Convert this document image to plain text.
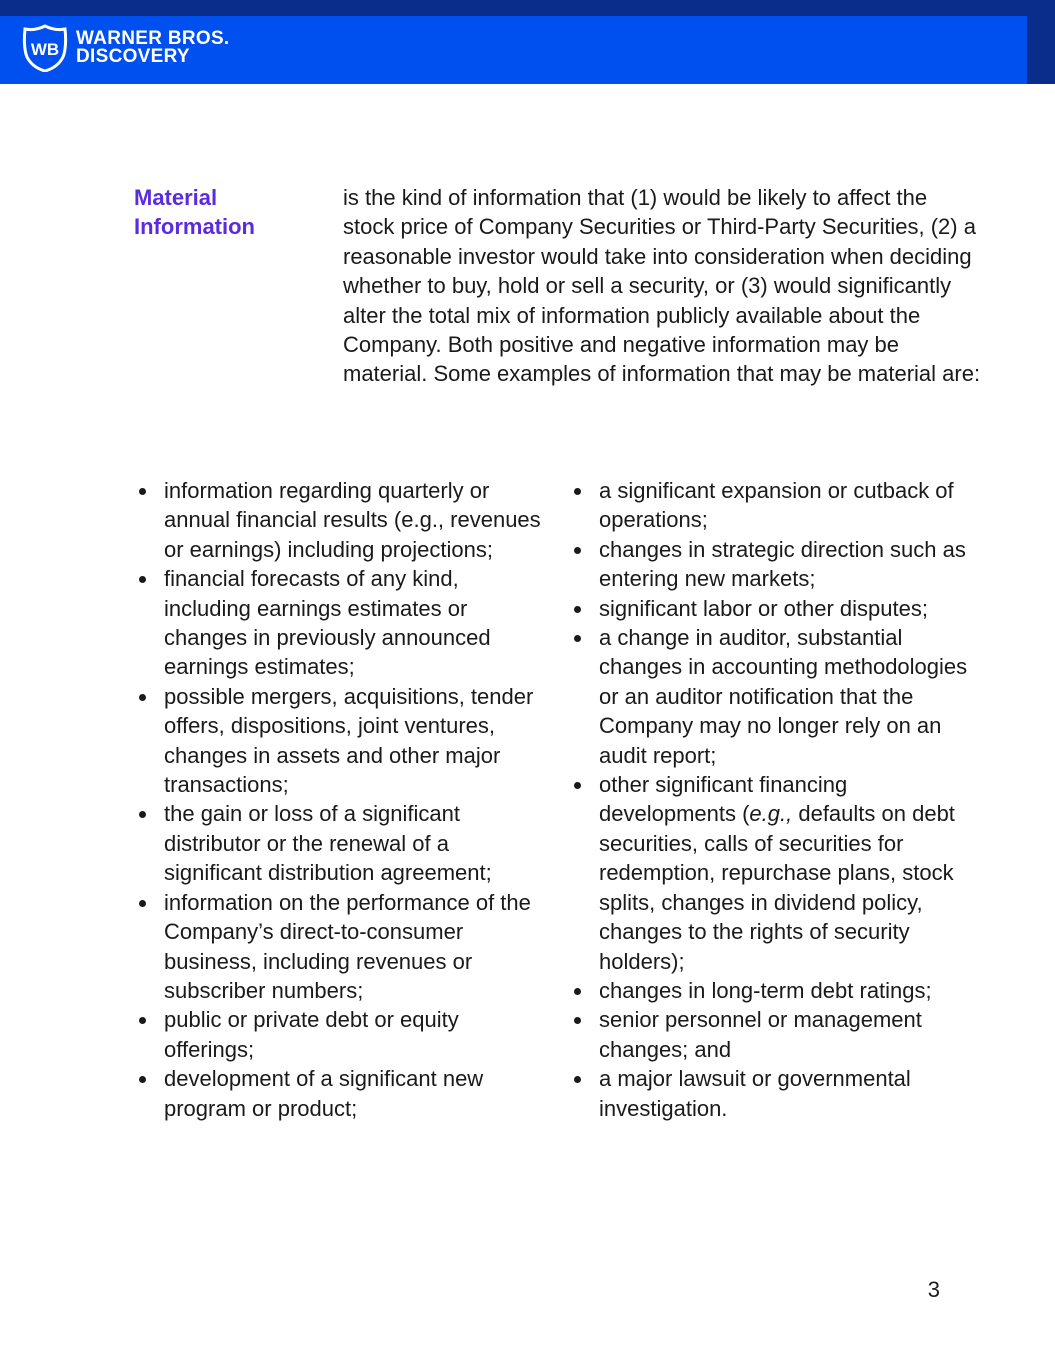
WB
WARNER BROS.
DISCOVERY
Material
Information
is the kind of information that (1) would be likely to affect the stock price of Company Securities or Third-Party Securities, (2) a reasonable investor would take into consideration when deciding whether to buy, hold or sell a security, or (3) would significantly alter the total mix of information publicly available about the Company. Both positive and negative information may be material. Some examples of information that may be material are:
information regarding quarterly or annual financial results (e.g., revenues or earnings) including projections;
financial forecasts of any kind, including earnings estimates or changes in previously announced earnings estimates;
possible mergers, acquisitions, tender offers, dispositions, joint ventures, changes in assets and other major transactions;
the gain or loss of a significant distributor or the renewal of a significant distribution agreement;
information on the performance of the Company’s direct-to-consumer business, including revenues or subscriber numbers;
public or private debt or equity offerings;
development of a significant new program or product;
a significant expansion or cutback of operations;
changes in strategic direction such as entering new markets;
significant labor or other disputes;
a change in auditor, substantial changes in accounting methodologies or an auditor notification that the Company may no longer rely on an audit report;
other significant financing developments (e.g., defaults on debt securities, calls of securities for redemption, repurchase plans, stock splits, changes in dividend policy, changes to the rights of security holders);
changes in long-term debt ratings;
senior personnel or management changes; and
a major lawsuit or governmental investigation.
3
